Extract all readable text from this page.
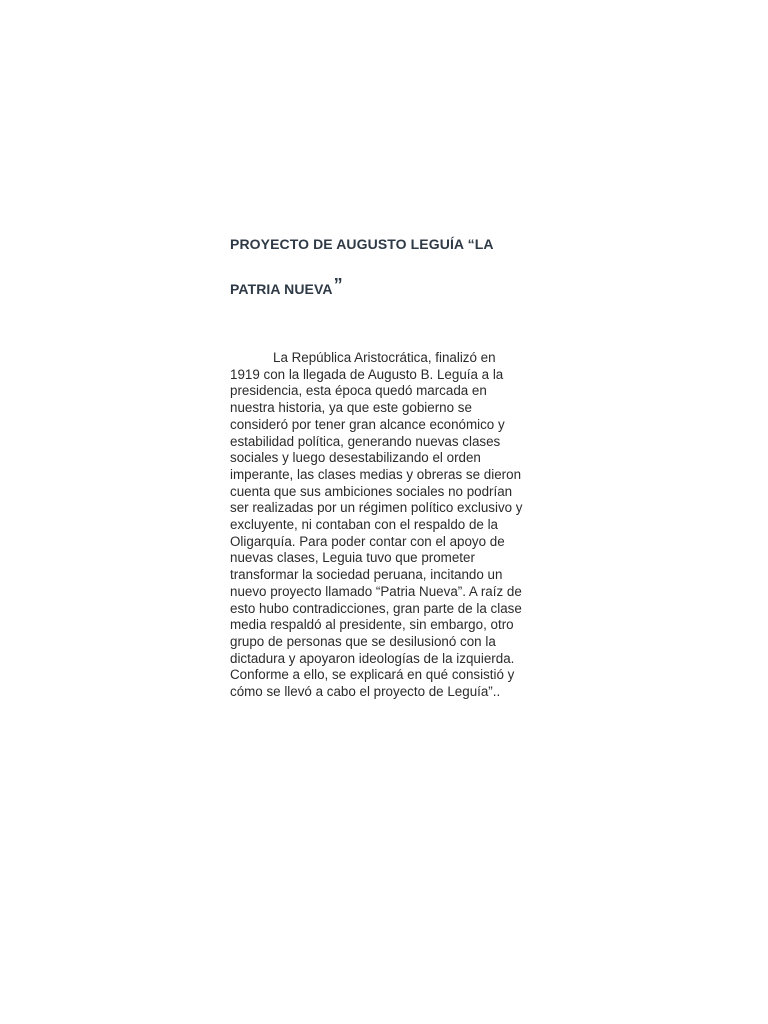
PROYECTO DE AUGUSTO LEGUÍA “LA
PATRIA NUEVA”
La República Aristocrática, finalizó en
1919 con la llegada de Augusto B. Leguía a la
presidencia, esta época quedó marcada en
nuestra historia, ya que este gobierno se
consideró por tener gran alcance económico y
estabilidad política, generando nuevas clases
sociales y luego desestabilizando el orden
imperante, las clases medias y obreras se dieron
cuenta que sus ambiciones sociales no podrían
ser realizadas por un régimen político exclusivo y
excluyente, ni contaban con el respaldo de la
Oligarquía. Para poder contar con el apoyo de
nuevas clases, Leguia tuvo que prometer
transformar la sociedad peruana, incitando un
nuevo proyecto llamado “Patria Nueva”. A raíz de
esto hubo contradicciones, gran parte de la clase
media respaldó al presidente, sin embargo, otro
grupo de personas que se desilusionó con la
dictadura y apoyaron ideologías de la izquierda.
Conforme a ello, se explicará en qué consistió y
cómo se llevó a cabo el proyecto de Leguía”..
